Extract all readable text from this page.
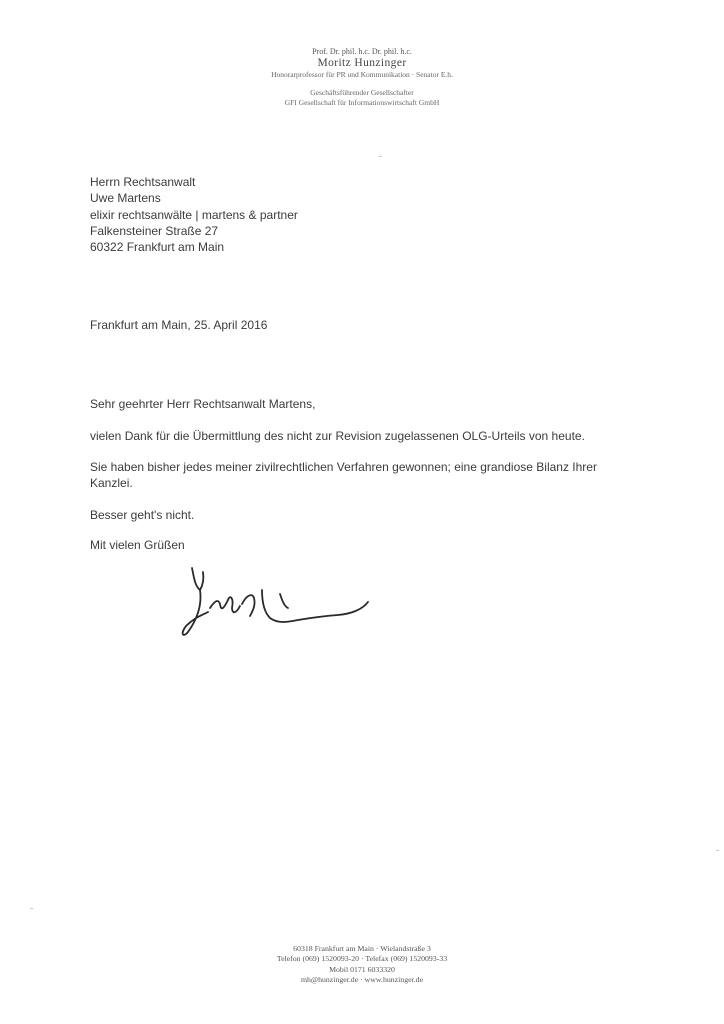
Prof. Dr. phil. h.c. Dr. phil. h.c.
Moritz Hunzinger
Honorarprofessor für PR und Kommunikation · Senator E.h.
Geschäftsführender Gesellschafter
GFI Gesellschaft für Informationswirtschaft GmbH
Herrn Rechtsanwalt
Uwe Martens
elixir rechtsanwälte | martens & partner
Falkensteiner Straße 27
60322 Frankfurt am Main
Frankfurt am Main, 25. April 2016
Sehr geehrter Herr Rechtsanwalt Martens,
vielen Dank für die Übermittlung des nicht zur Revision zugelassenen OLG-Urteils von heute.
Sie haben bisher jedes meiner zivilrechtlichen Verfahren gewonnen; eine grandiose Bilanz Ihrer Kanzlei.
Besser geht's nicht.
Mit vielen Grüßen
60318 Frankfurt am Main · Wielandstraße 3
Telefon (069) 1520093-20 · Telefax (069) 1520093-33
Mobil 0171 6033320
mh@hunzinger.de · www.hunzinger.de
